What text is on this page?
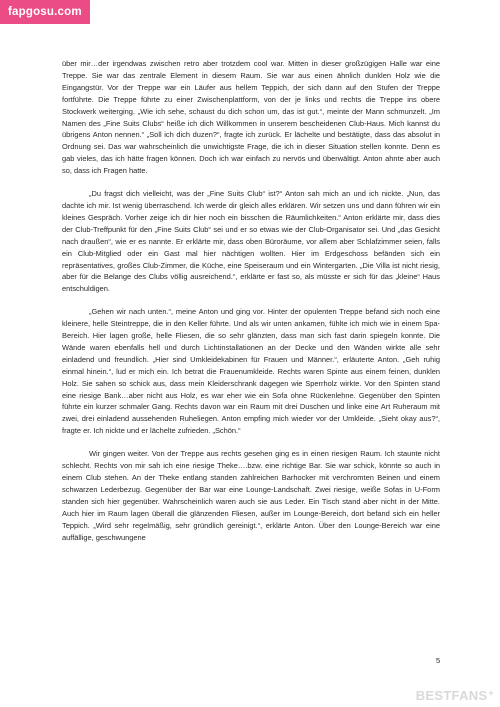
fapgosu.com

über mir…der irgendwas zwischen retro aber trotzdem cool war. Mitten in dieser großzügigen Halle war eine Treppe. Sie war das zentrale Element in diesem Raum. Sie war aus einen ähnlich dunklen Holz wie die Eingangstür. Vor der Treppe war ein Läufer aus hellem Teppich, der sich dann auf den Stufen der Treppe fortführte. Die Treppe führte zu einer Zwischenplattform, von der je links und rechts die Treppe ins obere Stockwerk weiterging. „Wie ich sehe, schaust du dich schon um, das ist gut.“, meinte der Mann schmunzelt. „Im Namen des „Fine Suits Clubs“ heiße ich dich Willkommen in unserem bescheidenen Club-Haus. Mich kannst du übrigens Anton nennen.“ „Soll ich dich duzen?“, fragte ich zurück. Er lächelte und bestätigte, dass das absolut in Ordnung sei. Das war wahrscheinlich die unwichtigste Frage, die ich in dieser Situation stellen konnte. Denn es gab vieles, das ich hätte fragen können. Doch ich war einfach zu nervös und überwältigt. Anton ahnte aber auch so, dass ich Fragen hatte.

„Du fragst dich vielleicht, was der „Fine Suits Club“ ist?“ Anton sah mich an und ich nickte. „Nun, das dachte ich mir. Ist wenig überraschend. Ich werde dir gleich alles erklären. Wir setzen uns und dann führen wir ein kleines Gespräch. Vorher zeige ich dir hier noch ein bisschen die Räumlichkeiten.“ Anton erklärte mir, dass dies der Club-Treffpunkt für den „Fine Suits Club“ sei und er so etwas wie der Club-Organisator sei. Und „das Gesicht nach draußen“, wie er es nannte. Er erklärte mir, dass oben Büroräume, vor allem aber Schlafzimmer seien, falls ein Club-Mitglied oder ein Gast mal hier nächtigen wollten. Hier im Erdgeschoss befänden sich ein repräsentatives, großes Club-Zimmer, die Küche, eine Speiseraum und ein Wintergarten. „Die Villa ist nicht riesig, aber für die Belange des Clubs völlig ausreichend.“, erklärte er fast so, als müsste er sich für das „kleine“ Haus entschuldigen.

„Gehen wir nach unten.“, meine Anton und ging vor. Hinter der opulenten Treppe befand sich noch eine kleinere, helle Steintreppe, die in den Keller führte. Und als wir unten ankamen, fühlte ich mich wie in einem Spa-Bereich. Hier lagen große, helle Fliesen, die so sehr glänzten, dass man sich fast darin spiegeln konnte. Die Wände waren ebenfalls hell und durch Lichtinstallationen an der Decke und den Wänden wirkte alle sehr einladend und freundlich. „Hier sind Umkleidekabinen für Frauen und Männer.“, erläuterte Anton. „Geh ruhig einmal hinein.“, lud er mich ein. Ich betrat die Frauenumkleide. Rechts waren Spinte aus einem feinen, dunklen Holz. Sie sahen so schick aus, dass mein Kleiderschrank dagegen wie Sperrholz wirkte. Vor den Spinten stand eine riesige Bank…aber nicht aus Holz, es war eher wie ein Sofa ohne Rückenlehne. Gegenüber den Spinten führte ein kurzer schmaler Gang. Rechts davon war ein Raum mit drei Duschen und linke eine Art Ruheraum mit zwei, drei einladend aussehenden Ruheliegen. Anton empfing mich wieder vor der Umkleide. „Sieht okay aus?“, fragte er. Ich nickte und er lächelte zufrieden. „Schön.“

Wir gingen weiter. Von der Treppe aus rechts gesehen ging es in einen riesigen Raum. Ich staunte nicht schlecht. Rechts von mir sah ich eine riesige Theke….bzw. eine richtige Bar. Sie war schick, könnte so auch in einem Club stehen. An der Theke entlang standen zahlreichen Barhocker mit verchromten Beinen und einem schwarzen Lederbezug. Gegenüber der Bar war eine Lounge-Landschaft. Zwei riesige, weiße Sofas in U-Form standen sich hier gegenüber. Wahrscheinlich waren auch sie aus Leder. Ein Tisch stand aber nicht in der Mitte. Auch hier im Raum lagen überall die glänzenden Fliesen, außer im Lounge-Bereich, dort befand sich ein heller Teppich. „Wird sehr regelmäßig, sehr gründlich gereinigt.“, erklärte Anton. Über den Lounge-Bereich war eine auffällige, geschwungene

5
BESTFANS+
